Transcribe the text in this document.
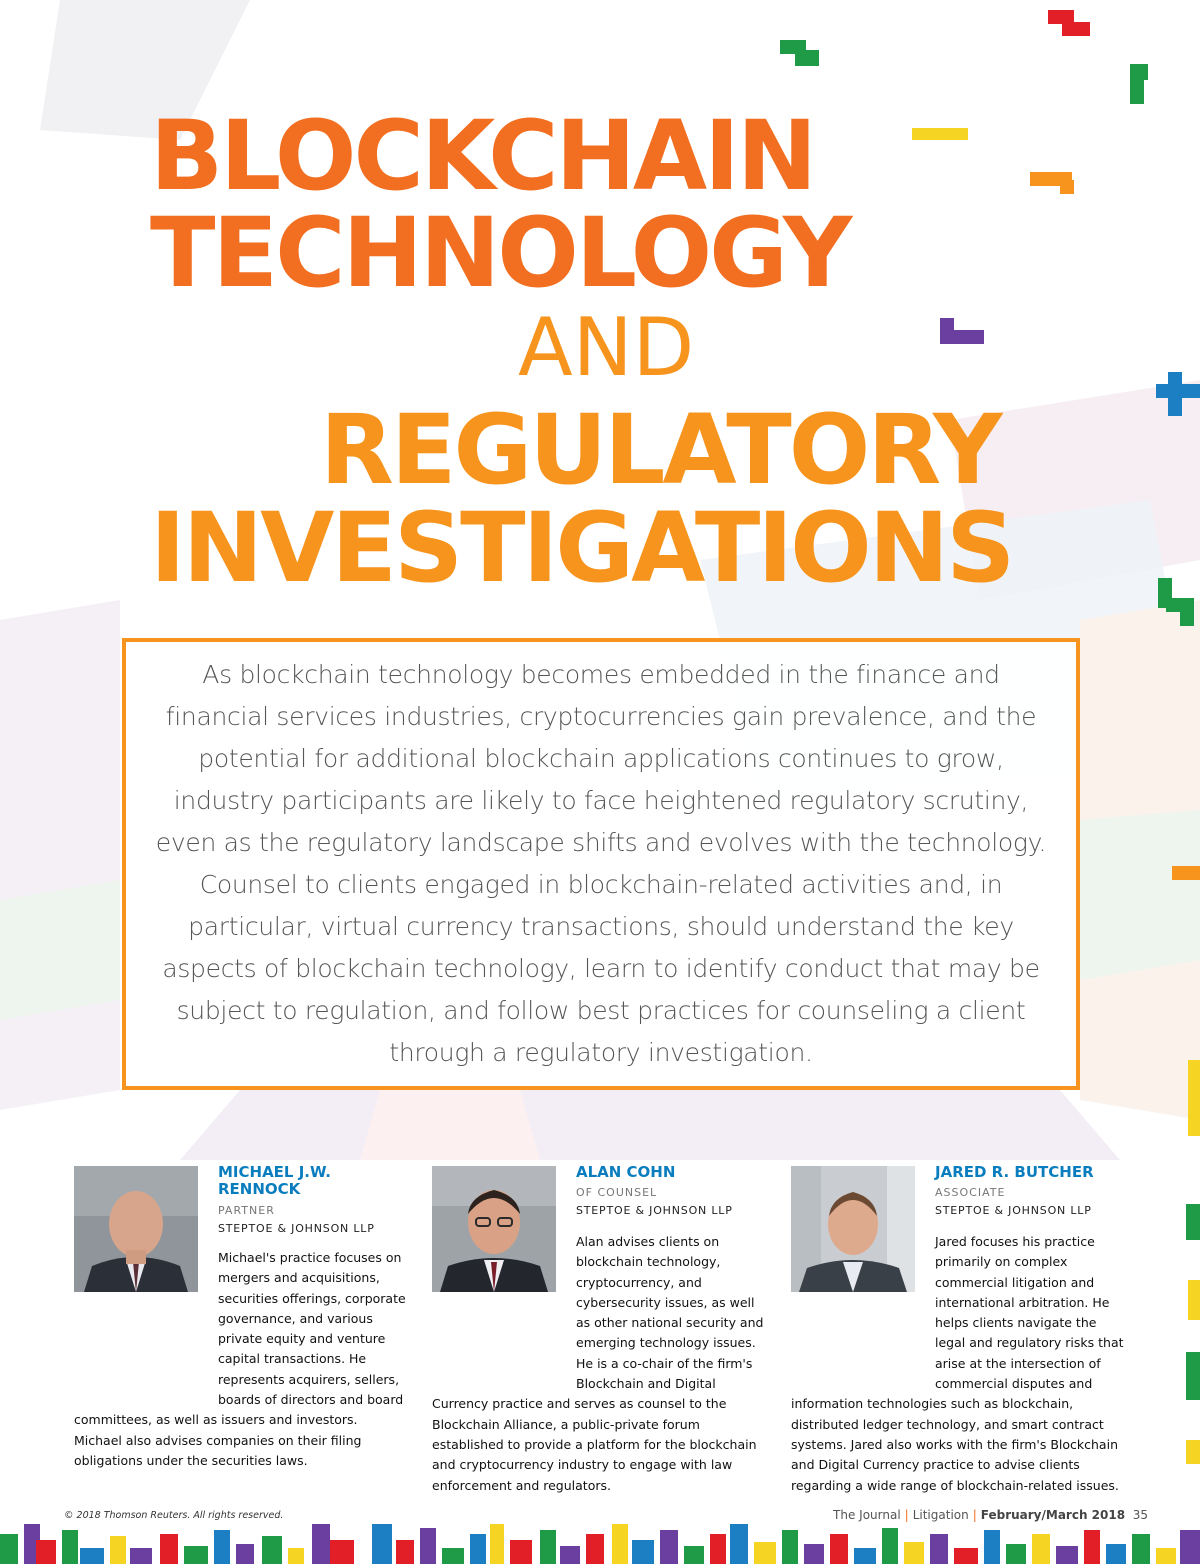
BLOCKCHAIN
TECHNOLOGY
AND
REGULATORY
INVESTIGATIONS

As blockchain technology becomes embedded in the finance and financial services industries, cryptocurrencies gain prevalence, and the potential for additional blockchain applications continues to grow, industry participants are likely to face heightened regulatory scrutiny, even as the regulatory landscape shifts and evolves with the technology. Counsel to clients engaged in blockchain-related activities and, in particular, virtual currency transactions, should understand the key aspects of blockchain technology, learn to identify conduct that may be subject to regulation, and follow best practices for counseling a client through a regulatory investigation.

Michael's practice focuses on mergers and acquisitions, securities offerings, corporate governance, and various private equity and venture capital transactions. He represents acquirers, sellers, boards of directors and board committees, as well as issuers and investors. Michael also advises companies on their filing obligations under the securities laws.

MICHAEL J.W. RENNOCK

PARTNER

STEPTOE & JOHNSON LLP

Alan advises clients on blockchain technology, cryptocurrency, and cybersecurity issues, as well as other national security and emerging technology issues. He is a co-chair of the firm's Blockchain and Digital Currency practice and serves as counsel to the Blockchain Alliance, a public-private forum established to provide a platform for the blockchain and cryptocurrency industry to engage with law enforcement and regulators.

ALAN COHN

OF COUNSEL

STEPTOE & JOHNSON LLP

Jared focuses his practice primarily on complex commercial litigation and international arbitration. He helps clients navigate the legal and regulatory risks that arise at the intersection of commercial disputes and information technologies such as blockchain, distributed ledger technology, and smart contract systems. Jared also works with the firm's Blockchain and Digital Currency practice to advise clients regarding a wide range of blockchain-related issues.

JARED R. BUTCHER

ASSOCIATE

STEPTOE & JOHNSON LLP

© 2018 Thomson Reuters. All rights reserved.	The Journal | Litigation | February/March 2018 35
